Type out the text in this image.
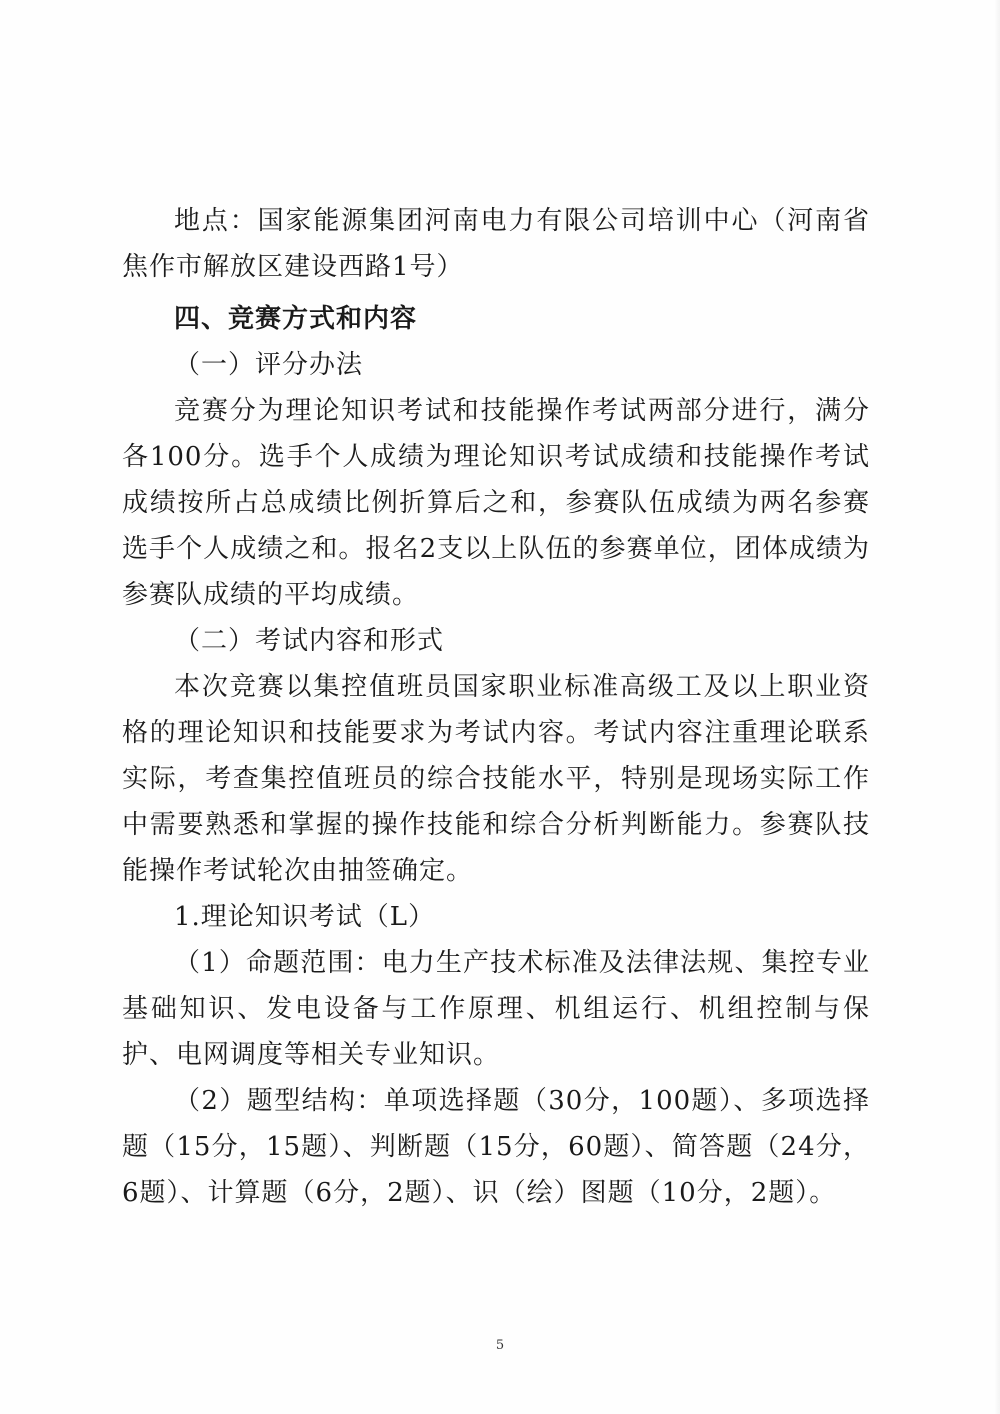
地点：国家能源集团河南电力有限公司培训中心（河南省焦作市解放区建设西路1号）

四、竞赛方式和内容

（一）评分办法

竞赛分为理论知识考试和技能操作考试两部分进行，满分各100分。选手个人成绩为理论知识考试成绩和技能操作考试成绩按所占总成绩比例折算后之和，参赛队伍成绩为两名参赛选手个人成绩之和。报名2支以上队伍的参赛单位，团体成绩为参赛队成绩的平均成绩。

（二）考试内容和形式

本次竞赛以集控值班员国家职业标准高级工及以上职业资格的理论知识和技能要求为考试内容。考试内容注重理论联系实际，考查集控值班员的综合技能水平，特别是现场实际工作中需要熟悉和掌握的操作技能和综合分析判断能力。参赛队技能操作考试轮次由抽签确定。

1.理论知识考试（L）

（1）命题范围：电力生产技术标准及法律法规、集控专业基础知识、发电设备与工作原理、机组运行、机组控制与保护、电网调度等相关专业知识。

（2）题型结构：单项选择题（30分，100题）、多项选择题（15分，15题）、判断题（15分，60题）、简答题（24分，6题）、计算题（6分，2题）、识（绘）图题（10分，2题）。

5
